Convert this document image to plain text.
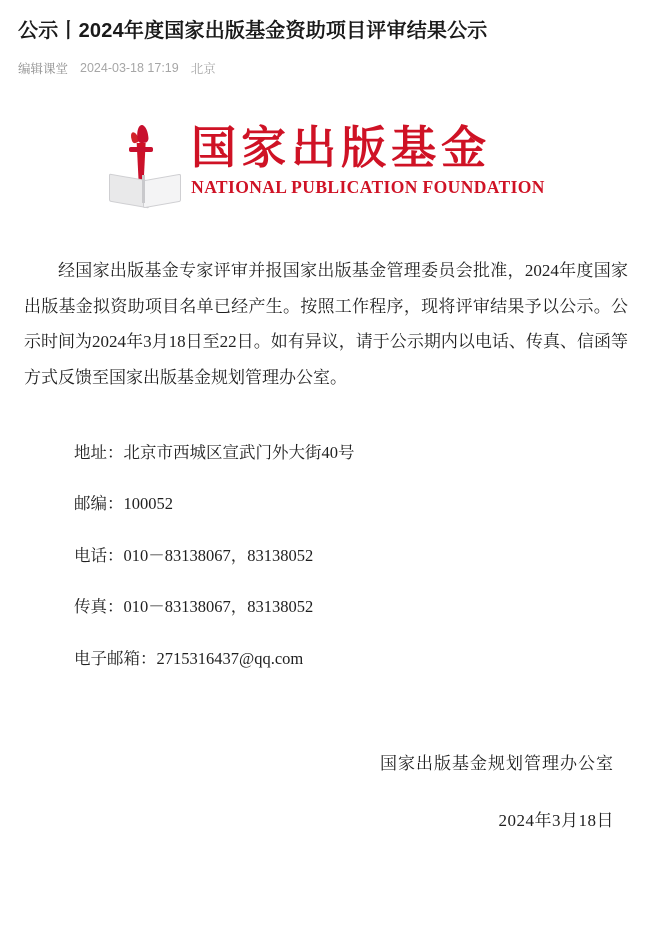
公示丨2024年度国家出版基金资助项目评审结果公示
编辑课堂 2024-03-18 17:19 北京
国家出版基金
NATIONAL PUBLICATION FOUNDATION

经国家出版基金专家评审并报国家出版基金管理委员会批准，2024年度国家出版基金拟资助项目名单已经产生。按照工作程序，现将评审结果予以公示。公示时间为2024年3月18日至22日。如有异议，请于公示期内以电话、传真、信函等方式反馈至国家出版基金规划管理办公室。

地址：北京市西城区宣武门外大街40号
邮编：100052
电话：010－83138067，83138052
传真：010－83138067，83138052
电子邮箱：2715316437@qq.com
国家出版基金规划管理办公室
2024年3月18日
